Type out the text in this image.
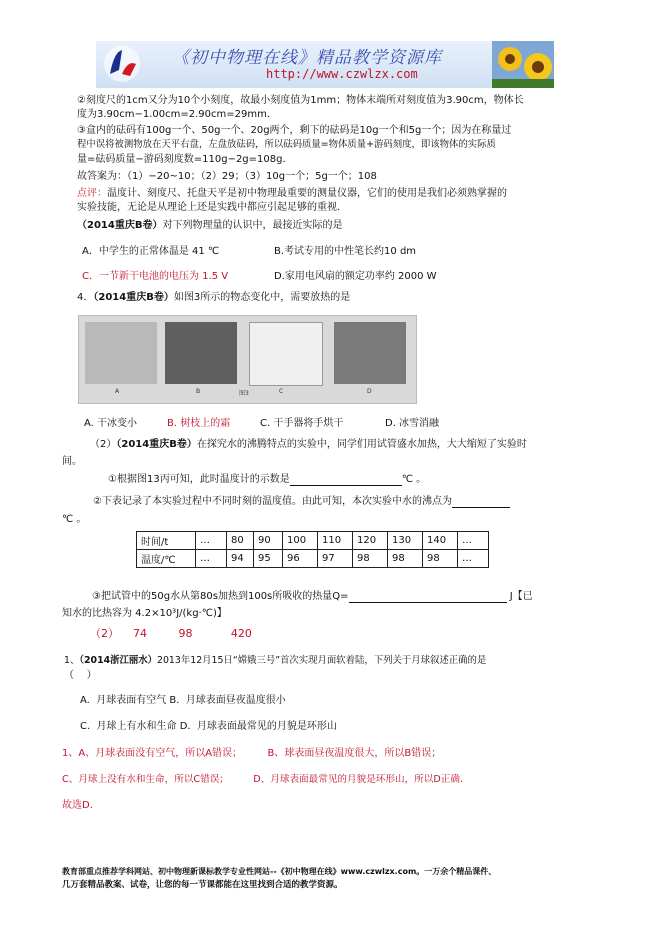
《初中物理在线》精品教学资源库
http://www.czwlzx.com
②刻度尺的1cm又分为10个小刻度，故最小刻度值为1mm；物体末端所对刻度值为3.90cm，物体长
度为3.90cm−1.00cm=2.90cm=29mm．
③盒内的砝码有100g一个、50g一个、20g两个，剩下的砝码是10g一个和5g一个；因为在称量过
程中误将被测物放在天平右盘，左盘放砝码，所以砝码质量=物体质量+游码刻度，即该物体的实际质
量=砝码质量−游码刻度数=110g−2g=108g．
故答案为：（1）−20~10；（2）29；（3）10g一个；5g一个；108
点评：温度计、刻度尺、托盘天平是初中物理最重要的测量仪器，它们的使用是我们必须熟掌握的
实验技能，无论是从理论上还是实践中都应引起足够的重视．
（2014重庆B卷）对下列物理量的认识中，最接近实际的是
A．中学生的正常体温是 41 ℃	B.考试专用的中性笔长约10 dm
C．一节新干电池的电压为 1.5 V	D.家用电风扇的额定功率约 2000 W
4．（2014重庆B卷）如图3所示的物态变化中，需要放热的是
A	B	图3	C	D
A. 干冰变小	B. 树枝上的霜	C. 干手器将手烘干	D. 冰雪消融
（2）（2014重庆B卷）在探究水的沸腾特点的实验中，同学们用试管盛水加热，大大缩短了实验时
间。
①根据图13丙可知，此时温度计的示数是	℃ 。
②下表记录了本实验过程中不同时刻的温度值。由此可知，本次实验中水的沸点为
℃ 。
时间/t	…	80	90	100	110	120	130	140	…
温度/℃	…	94	95	96	97	98	98	98	…
③把试管中的50g水从第80s加热到100s所吸收的热量Q=	J【已
知水的比热容为 4.2×10³J/(kg·℃)】
（2）    74         98           420
1、（2014浙江丽水）2013年12月15日“嫦娥三号”首次实现月面软着陆，下列关于月球叙述正确的是
（    ）
A.  月球表面有空气 B.  月球表面昼夜温度很小
C.  月球上有水和生命 D.  月球表面最常见的月貌是环形山
1、A、月球表面没有空气，所以A错误；        B、球表面昼夜温度很大，所以B错误；
C、月球上没有水和生命，所以C错误；        D、月球表面最常见的月貌是环形山，所以D正确.
故选D.
教育部重点推荐学科网站、初中物理新课标教学专业性网站--《初中物理在线》www.czwlzx.com。一万余个精品课件、
几万套精品教案、试卷，让您的每一节课都能在这里找到合适的教学资源。
